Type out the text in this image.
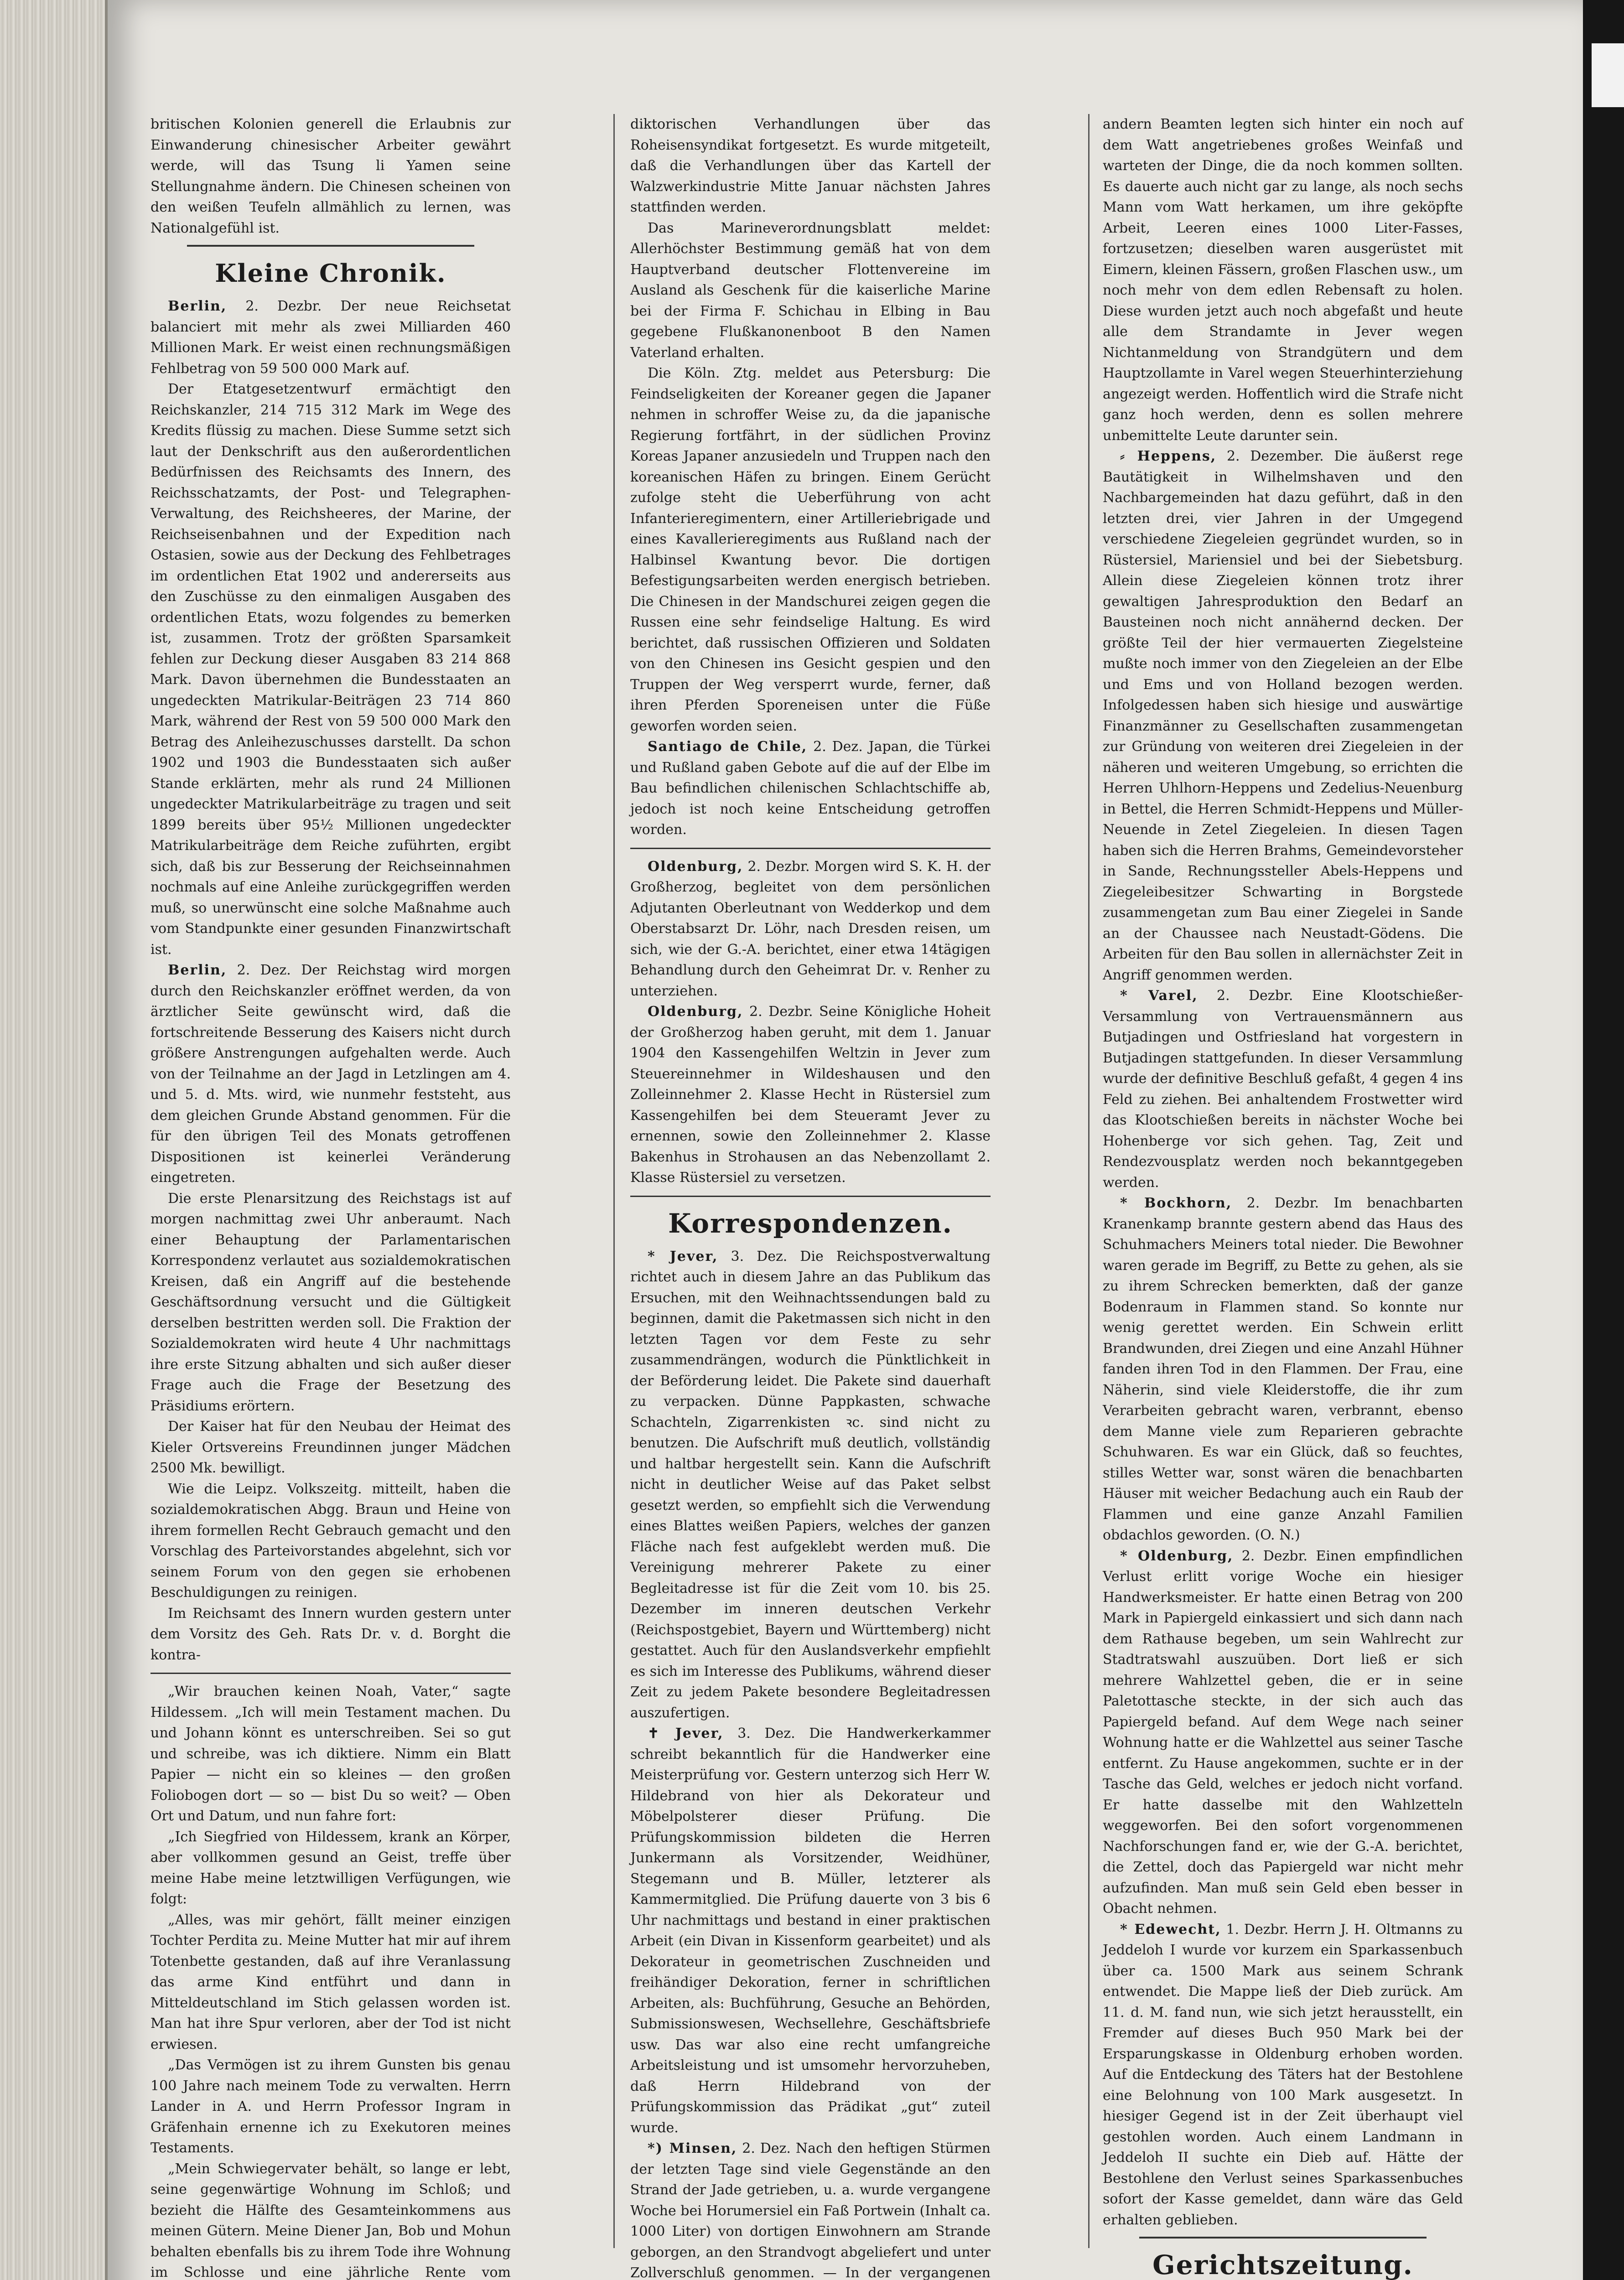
britischen Kolonien generell die Erlaubnis zur Einwanderung chinesischer Arbeiter gewährt werde, will das Tsung li Yamen seine Stellungnahme ändern. Die Chinesen scheinen von den weißen Teufeln allmählich zu lernen, was Nationalgefühl ist.

Kleine Chronik.

Berlin, 2. Dezbr. Der neue Reichsetat balanciert mit mehr als zwei Milliarden 460 Millionen Mark. Er weist einen rechnungsmäßigen Fehlbetrag von 59 500 000 Mark auf.

Der Etatgesetzentwurf ermächtigt den Reichskanzler, 214 715 312 Mark im Wege des Kredits flüssig zu machen. Diese Summe setzt sich laut der Denkschrift aus den außerordentlichen Bedürfnissen des Reichsamts des Innern, des Reichsschatzamts, der Post- und Telegraphen-Verwaltung, des Reichsheeres, der Marine, der Reichseisenbahnen und der Expedition nach Ostasien, sowie aus der Deckung des Fehlbetrages im ordentlichen Etat 1902 und andererseits aus den Zuschüsse zu den einmaligen Ausgaben des ordentlichen Etats, wozu folgendes zu bemerken ist, zusammen. Trotz der größten Sparsamkeit fehlen zur Deckung dieser Ausgaben 83 214 868 Mark. Davon übernehmen die Bundesstaaten an ungedeckten Matrikular-Beiträgen 23 714 860 Mark, während der Rest von 59 500 000 Mark den Betrag des Anleihezuschusses darstellt. Da schon 1902 und 1903 die Bundesstaaten sich außer Stande erklärten, mehr als rund 24 Millionen ungedeckter Matrikularbeiträge zu tragen und seit 1899 bereits über 95½ Millionen ungedeckter Matrikularbeiträge dem Reiche zuführten, ergibt sich, daß bis zur Besserung der Reichseinnahmen nochmals auf eine Anleihe zurückgegriffen werden muß, so unerwünscht eine solche Maßnahme auch vom Standpunkte einer gesunden Finanzwirtschaft ist.

Berlin, 2. Dez. Der Reichstag wird morgen durch den Reichskanzler eröffnet werden, da von ärztlicher Seite gewünscht wird, daß die fortschreitende Besserung des Kaisers nicht durch größere Anstrengungen aufgehalten werde. Auch von der Teilnahme an der Jagd in Letzlingen am 4. und 5. d. Mts. wird, wie nunmehr feststeht, aus dem gleichen Grunde Abstand genommen. Für die für den übrigen Teil des Monats getroffenen Dispositionen ist keinerlei Veränderung eingetreten.

Die erste Plenarsitzung des Reichstags ist auf morgen nachmittag zwei Uhr anberaumt. Nach einer Behauptung der Parlamentarischen Korrespondenz verlautet aus sozialdemokratischen Kreisen, daß ein Angriff auf die bestehende Geschäftsordnung versucht und die Gültigkeit derselben bestritten werden soll. Die Fraktion der Sozialdemokraten wird heute 4 Uhr nachmittags ihre erste Sitzung abhalten und sich außer dieser Frage auch die Frage der Besetzung des Präsidiums erörtern.

Der Kaiser hat für den Neubau der Heimat des Kieler Ortsvereins Freundinnen junger Mädchen 2500 Mk. bewilligt.

Wie die Leipz. Volkszeitg. mitteilt, haben die sozialdemokratischen Abgg. Braun und Heine von ihrem formellen Recht Gebrauch gemacht und den Vorschlag des Parteivorstandes abgelehnt, sich vor seinem Forum von den gegen sie erhobenen Beschuldigungen zu reinigen.

Im Reichsamt des Innern wurden gestern unter dem Vorsitz des Geh. Rats Dr. v. d. Borght die kontra-

„Wir brauchen keinen Noah, Vater,“ sagte Hildessem. „Ich will mein Testament machen. Du und Johann könnt es unterschreiben. Sei so gut und schreibe, was ich diktiere. Nimm ein Blatt Papier — nicht ein so kleines — den großen Foliobogen dort — so — bist Du so weit? — Oben Ort und Datum, und nun fahre fort:

„Ich Siegfried von Hildessem, krank an Körper, aber vollkommen gesund an Geist, treffe über meine Habe meine letztwilligen Verfügungen, wie folgt:

„Alles, was mir gehört, fällt meiner einzigen Tochter Perdita zu. Meine Mutter hat mir auf ihrem Totenbette gestanden, daß auf ihre Veranlassung das arme Kind entführt und dann in Mitteldeutschland im Stich gelassen worden ist. Man hat ihre Spur verloren, aber der Tod ist nicht erwiesen.

„Das Vermögen ist zu ihrem Gunsten bis genau 100 Jahre nach meinem Tode zu verwalten. Herrn Lander in A. und Herrn Professor Ingram in Gräfenhain ernenne ich zu Exekutoren meines Testaments.

„Mein Schwiegervater behält, so lange er lebt, seine gegenwärtige Wohnung im Schloß; und bezieht die Hälfte des Gesamteinkommens aus meinen Gütern. Meine Diener Jan, Bob und Mohun behalten ebenfalls bis zu ihrem Tode ihre Wohnung im Schlosse und eine jährliche Rente vom

diktorischen Verhandlungen über das Roheisensyndikat fortgesetzt. Es wurde mitgeteilt, daß die Verhandlungen über das Kartell der Walzwerkindustrie Mitte Januar nächsten Jahres stattfinden werden.

Das Marineverordnungsblatt meldet: Allerhöchster Bestimmung gemäß hat von dem Hauptverband deutscher Flottenvereine im Ausland als Geschenk für die kaiserliche Marine bei der Firma F. Schichau in Elbing in Bau gegebene Flußkanonenboot B den Namen Vaterland erhalten.

Die Köln. Ztg. meldet aus Petersburg: Die Feindseligkeiten der Koreaner gegen die Japaner nehmen in schroffer Weise zu, da die japanische Regierung fortfährt, in der südlichen Provinz Koreas Japaner anzusiedeln und Truppen nach den koreanischen Häfen zu bringen. Einem Gerücht zufolge steht die Ueberführung von acht Infanterieregimentern, einer Artilleriebrigade und eines Kavallerieregiments aus Rußland nach der Halbinsel Kwantung bevor. Die dortigen Befestigungsarbeiten werden energisch betrieben. Die Chinesen in der Mandschurei zeigen gegen die Russen eine sehr feindselige Haltung. Es wird berichtet, daß russischen Offizieren und Soldaten von den Chinesen ins Gesicht gespien und den Truppen der Weg versperrt wurde, ferner, daß ihren Pferden Sporeneisen unter die Füße geworfen worden seien.

Santiago de Chile, 2. Dez. Japan, die Türkei und Rußland gaben Gebote auf die auf der Elbe im Bau befindlichen chilenischen Schlachtschiffe ab, jedoch ist noch keine Entscheidung getroffen worden.

Oldenburg, 2. Dezbr. Morgen wird S. K. H. der Großherzog, begleitet von dem persönlichen Adjutanten Oberleutnant von Wedderkop und dem Oberstabsarzt Dr. Löhr, nach Dresden reisen, um sich, wie der G.-A. berichtet, einer etwa 14tägigen Behandlung durch den Geheimrat Dr. v. Renher zu unterziehen.

Oldenburg, 2. Dezbr. Seine Königliche Hoheit der Großherzog haben geruht, mit dem 1. Januar 1904 den Kassengehilfen Weltzin in Jever zum Steuereinnehmer in Wildeshausen und den Zolleinnehmer 2. Klasse Hecht in Rüstersiel zum Kassengehilfen bei dem Steueramt Jever zu ernennen, sowie den Zolleinnehmer 2. Klasse Bakenhus in Strohausen an das Nebenzollamt 2. Klasse Rüstersiel zu versetzen.

Korrespondenzen.

* Jever, 3. Dez. Die Reichspostverwaltung richtet auch in diesem Jahre an das Publikum das Ersuchen, mit den Weihnachtssendungen bald zu beginnen, damit die Paketmassen sich nicht in den letzten Tagen vor dem Feste zu sehr zusammendrängen, wodurch die Pünktlichkeit in der Beförderung leidet. Die Pakete sind dauerhaft zu verpacken. Dünne Pappkasten, schwache Schachteln, Zigarrenkisten ꝛc. sind nicht zu benutzen. Die Aufschrift muß deutlich, vollständig und haltbar hergestellt sein. Kann die Aufschrift nicht in deutlicher Weise auf das Paket selbst gesetzt werden, so empfiehlt sich die Verwendung eines Blattes weißen Papiers, welches der ganzen Fläche nach fest aufgeklebt werden muß. Die Vereinigung mehrerer Pakete zu einer Begleitadresse ist für die Zeit vom 10. bis 25. Dezember im inneren deutschen Verkehr (Reichspostgebiet, Bayern und Württemberg) nicht gestattet. Auch für den Auslandsverkehr empfiehlt es sich im Interesse des Publikums, während dieser Zeit zu jedem Pakete besondere Begleitadressen auszufertigen.

✝ Jever, 3. Dez. Die Handwerkerkammer schreibt bekanntlich für die Handwerker eine Meisterprüfung vor. Gestern unterzog sich Herr W. Hildebrand von hier als Dekorateur und Möbelpolsterer dieser Prüfung. Die Prüfungskommission bildeten die Herren Junkermann als Vorsitzender, Weidhüner, Stegemann und B. Müller, letzterer als Kammermitglied. Die Prüfung dauerte von 3 bis 6 Uhr nachmittags und bestand in einer praktischen Arbeit (ein Divan in Kissenform gearbeitet) und als Dekorateur in geometrischen Zuschneiden und freihändiger Dekoration, ferner in schriftlichen Arbeiten, als: Buchführung, Gesuche an Behörden, Submissionswesen, Wechsellehre, Geschäftsbriefe usw. Das war also eine recht umfangreiche Arbeitsleistung und ist umsomehr hervorzuheben, daß Herrn Hildebrand von der Prüfungskommission das Prädikat „gut“ zuteil wurde.

*) Minsen, 2. Dez. Nach den heftigen Stürmen der letzten Tage sind viele Gegenstände an den Strand der Jade getrieben, u. a. wurde vergangene Woche bei Horumersiel ein Faß Portwein (Inhalt ca. 1000 Liter) von dortigen Einwohnern am Strande geborgen, an den Strandvogt abgeliefert und unter Zollverschluß genommen. — In der vergangenen

andern Beamten legten sich hinter ein noch auf dem Watt angetriebenes großes Weinfaß und warteten der Dinge, die da noch kommen sollten. Es dauerte auch nicht gar zu lange, als noch sechs Mann vom Watt herkamen, um ihre geköpfte Arbeit, Leeren eines 1000 Liter-Fasses, fortzusetzen; dieselben waren ausgerüstet mit Eimern, kleinen Fässern, großen Flaschen usw., um noch mehr von dem edlen Rebensaft zu holen. Diese wurden jetzt auch noch abgefaßt und heute alle dem Strandamte in Jever wegen Nichtanmeldung von Strandgütern und dem Hauptzollamte in Varel wegen Steuerhinterziehung angezeigt werden. Hoffentlich wird die Strafe nicht ganz hoch werden, denn es sollen mehrere unbemittelte Leute darunter sein.

⸗ Heppens, 2. Dezember. Die äußerst rege Bautätigkeit in Wilhelmshaven und den Nachbargemeinden hat dazu geführt, daß in den letzten drei, vier Jahren in der Umgegend verschiedene Ziegeleien gegründet wurden, so in Rüstersiel, Mariensiel und bei der Siebetsburg. Allein diese Ziegeleien können trotz ihrer gewaltigen Jahresproduktion den Bedarf an Bausteinen noch nicht annähernd decken. Der größte Teil der hier vermauerten Ziegelsteine mußte noch immer von den Ziegeleien an der Elbe und Ems und von Holland bezogen werden. Infolgedessen haben sich hiesige und auswärtige Finanzmänner zu Gesellschaften zusammengetan zur Gründung von weiteren drei Ziegeleien in der näheren und weiteren Umgebung, so errichten die Herren Uhlhorn-Heppens und Zedelius-Neuenburg in Bettel, die Herren Schmidt-Heppens und Müller-Neuende in Zetel Ziegeleien. In diesen Tagen haben sich die Herren Brahms, Gemeindevorsteher in Sande, Rechnungssteller Abels-Heppens und Ziegeleibesitzer Schwarting in Borgstede zusammengetan zum Bau einer Ziegelei in Sande an der Chaussee nach Neustadt-Gödens. Die Arbeiten für den Bau sollen in allernächster Zeit in Angriff genommen werden.

* Varel, 2. Dezbr. Eine Klootschießer-Versammlung von Vertrauensmännern aus Butjadingen und Ostfriesland hat vorgestern in Butjadingen stattgefunden. In dieser Versammlung wurde der definitive Beschluß gefaßt, 4 gegen 4 ins Feld zu ziehen. Bei anhaltendem Frostwetter wird das Klootschießen bereits in nächster Woche bei Hohenberge vor sich gehen. Tag, Zeit und Rendezvousplatz werden noch bekanntgegeben werden.

* Bockhorn, 2. Dezbr. Im benachbarten Kranenkamp brannte gestern abend das Haus des Schuhmachers Meiners total nieder. Die Bewohner waren gerade im Begriff, zu Bette zu gehen, als sie zu ihrem Schrecken bemerkten, daß der ganze Bodenraum in Flammen stand. So konnte nur wenig gerettet werden. Ein Schwein erlitt Brandwunden, drei Ziegen und eine Anzahl Hühner fanden ihren Tod in den Flammen. Der Frau, eine Näherin, sind viele Kleiderstoffe, die ihr zum Verarbeiten gebracht waren, verbrannt, ebenso dem Manne viele zum Reparieren gebrachte Schuhwaren. Es war ein Glück, daß so feuchtes, stilles Wetter war, sonst wären die benachbarten Häuser mit weicher Bedachung auch ein Raub der Flammen und eine ganze Anzahl Familien obdachlos geworden. (O. N.)

* Oldenburg, 2. Dezbr. Einen empfindlichen Verlust erlitt vorige Woche ein hiesiger Handwerksmeister. Er hatte einen Betrag von 200 Mark in Papiergeld einkassiert und sich dann nach dem Rathause begeben, um sein Wahlrecht zur Stadtratswahl auszuüben. Dort ließ er sich mehrere Wahlzettel geben, die er in seine Paletottasche steckte, in der sich auch das Papiergeld befand. Auf dem Wege nach seiner Wohnung hatte er die Wahlzettel aus seiner Tasche entfernt. Zu Hause angekommen, suchte er in der Tasche das Geld, welches er jedoch nicht vorfand. Er hatte dasselbe mit den Wahlzetteln weggeworfen. Bei den sofort vorgenommenen Nachforschungen fand er, wie der G.-A. berichtet, die Zettel, doch das Papiergeld war nicht mehr aufzufinden. Man muß sein Geld eben besser in Obacht nehmen.

* Edewecht, 1. Dezbr. Herrn J. H. Oltmanns zu Jeddeloh I wurde vor kurzem ein Sparkassenbuch über ca. 1500 Mark aus seinem Schrank entwendet. Die Mappe ließ der Dieb zurück. Am 11. d. M. fand nun, wie sich jetzt herausstellt, ein Fremder auf dieses Buch 950 Mark bei der Ersparungskasse in Oldenburg erhoben worden. Auf die Entdeckung des Täters hat der Bestohlene eine Belohnung von 100 Mark ausgesetzt. In hiesiger Gegend ist in der Zeit überhaupt viel gestohlen worden. Auch einem Landmann in Jeddeloh II suchte ein Dieb auf. Hätte der Bestohlene den Verlust seines Sparkassenbuches sofort der Kasse gemeldet, dann wäre das Geld erhalten geblieben.

Gerichtszeitung.
